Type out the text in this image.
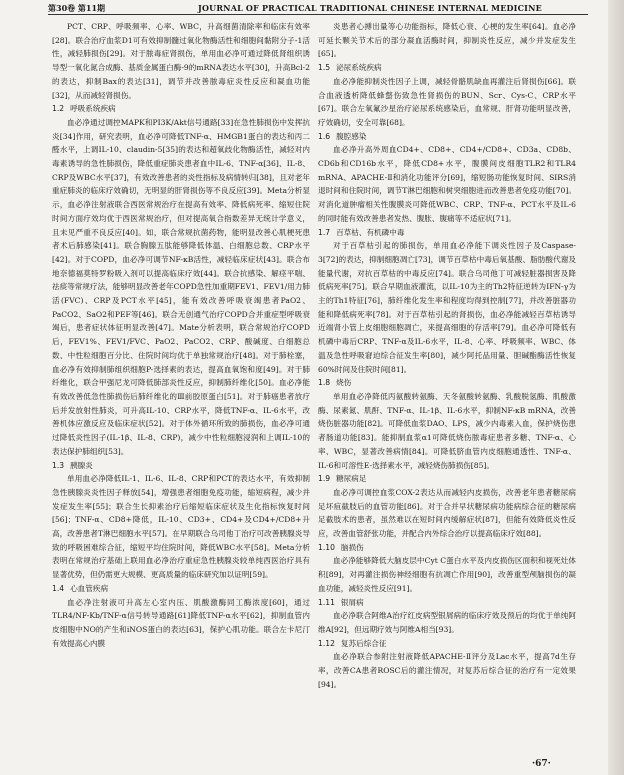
第30卷 第11期	JOURNAL OF PRACTICAL TRADITIONAL CHINESE INTERNAL MEDICINE

PCT、CRP、呼吸频率、心率、WBC，升高细菌清除率和临床有效率[28]。联合治疗血浆D1可有效抑制髓过氧化物酶活性和细胞间黏附分子-1活性，减轻肺损伤[29]。对于脓毒症肾损伤，单用血必净可通过降低肾组织诱导型一氧化氮合成酶、基质金属蛋白酶-9的mRNA表达水平[30]，升高Bcl-2的表达，抑制Bax的表达[31]，调节并改善脓毒症炎性反应和凝血功能[32]，从而减轻肾损伤。

1.2 呼吸系统疾病

血必净通过调控MAPK和PI3K/Akt信号通路[33]在急性肺损伤中发挥抗炎[34]作用，研究表明，血必净可降低TNF-α、HMGB1蛋白的表达和丙二醛水平，上调IL-10、claudin-5[35]的表达和超氧歧化物酶活性，减轻对内毒素诱导的急性肺损伤，降低重症肺炎患者血中IL-6、TNF-α[36]、IL-8、CRP及WBC水平[37]，有效改善患者的炎性指标及病情转归[38]，且对老年重症肺炎的临床疗效确切，无明显的肝肾损伤等不良反应[39]。Meta分析显示，血必净注射液联合西医常规治疗在提高有效率、降低病死率、缩短住院时间方面疗效均优于西医常规治疗，但对提高氧合指数差异无统计学意义，且未见严重不良反应[40]。如，联合常规抗菌药物，能明显改善心肌梗死患者术后肺感染[41]。联合胸腺五肽能够降低体温、白细胞总数、CRP水平[42]。对于COPD，血必净可调节NF-κB活性，减轻临床症状[43]。联合布地奈德福莫特罗粉吸入剂可以提高临床疗效[44]。联合抗感染、解痉平喘、祛痰等常规疗法，能够明显改善老年COPD急性加重期FEV1、FEV1/用力肺活(FVC)、CRP及PCT水平[45]，能有效改善呼吸衰竭患者PaO2、PaCO2、SaO2和PEF等[46]。联合无创通气治疗COPD合并重症型呼吸衰竭后，患者症状体征明显改善[47]。Mate分析表明，联合常规治疗COPD后，FEV1%、FEV1/FVC、PaO2、PaCO2、CRP、酸碱度、白细胞总数、中性粒细胞百分比、住院时间均优于单独常规治疗[48]。对于肺栓塞，血必净有效抑制肺组织细胞P-选择素的表达，提高血氧饱和度[49]。对于肺纤维化，联合甲强尼龙可降低肺部炎性反应，抑制肺纤维化[50]。血必净能有效改善低急性肺损伤后肺纤维化的Ⅲ前胶原蛋白[51]。对于肺癌患者放疗后并发放射性肺炎，可升高IL-10、CRP水平，降低TNF-α、IL-6水平，改善机体应激反应及临床症状[52]。对于体外循环所致的肺损伤，血必净可通过降低炎性因子(IL-1β、IL-8、CRP)，减少中性粒细胞浸润和上调IL-10的表达保护肺组织[53]。

1.3 胰腺炎

单用血必净降低IL-1、IL-6、IL-8、CRP和PCT的表达水平，有效抑制急性胰腺炎炎性因子释放[54]，增强患者细胞免疫功能，缩短病程，减少并发症发生率[55]；联合生长抑素治疗后缩短临床症状及生化指标恢复时间[56]；TNF-α、CD8+降低，IL-10、CD3+、CD4+及CD4+/CD8+升高，改善患者T淋巴细胞水平[57]。在早期联合乌司他丁治疗可改善胰腺炎导致的呼吸困难综合征，缩短平均住院时间，降低WBC水平[58]。Meta分析表明在常规治疗基础上联用血必净治疗重症急性胰腺炎较单纯西医治疗具有显著优势，但仍需更大规模、更高质量的临床研究加以证明[59]。

1.4 心血管疾病

血必净注射液可升高左心室内压、肌酸激酶同工酶浓度[60]，通过TLR4/NF-Kb/TNF-α信号转导通路[61]降低TNF-α水平[62]，抑制血管内皮细胞中NO的产生和iNOS蛋白的表达[63]，保护心肌功能。联合左卡尼汀有效提高心内膜

炎患者心搏出量等心功能指标，降低心衰、心梗的发生率[64]。血必净可延长颗关节术后的部分凝血活酶时间，抑制炎性反应，减少并发症发生[65]。

1.5 泌尿系统疾病

血必净能抑制炎性因子上调，减轻骨骼肌缺血再灌注后肾损伤[66]。联合血液透析降低蜂螫伤致急性肾损伤的BUN、Scr、Cys-C、CRP水平[67]。联合左氧氟沙星治疗泌尿系统感染后，血常规、肝肾功能明显改善，疗效确切，安全可靠[68]。

1.6 腹腔感染

血必净升高外周血CD4+、CD8+、CD4+/CD8+、CD3a、CD8b、CD6b和CD16b水平，降低CD8+水平，腹膜间皮细胞TLR2和TLR4 mRNA、APACHE-Ⅱ和消化功能评分[69]，缩短肠功能恢复时间、SIRS消退时间和住院时间，调节T淋巴细胞和树突细胞进而改善患者免疫功能[70]。对消化道肿瘤相关性腹膜炎可降低WBC、CRP、TNF-α、PCT水平及IL-6的同时能有效改善患者发热、腹胀、腹痛等不适症状[71]。

1.7 百草枯、有机磷中毒

对于百草枯引起的肺损伤，单用血必净能下调炎性因子及Caspase-3[72]的表达，抑制细胞凋亡[73]，调节百草枯中毒后氧基酸、脂肪酸代谢及能量代谢，对抗百草枯的中毒反应[74]。联合乌司他丁可减轻脏器损害及降低病死率[75]。联合早期血液灌流，以IL-10为主的Th2特征逆转为IFN-γ为主的Th1特征[76]，肺纤维化发生率和程度均得到控制[77]，并改善脏器功能和降低病死率[78]。对于百草枯引起的肾损伤，血必净能减轻百草枯诱导近端肾小管上皮细胞细胞凋亡，来提高细胞的存活率[79]。血必净可降低有机磷中毒后CRP、TNF-α及IL-6水平，IL-8、心率、呼吸频率、WBC、体温及急性呼吸窘迫综合征发生率[80]，减少阿托品用量、胆碱酯酶活性恢复60%时间及住院时间[81]。

1.8 烧伤

单用血必净降低丙氨酸转氨酶、天冬氨酸转氨酶、乳酸脱氢酶、肌酸激酶、尿素氮、肌酐、TNF-α、IL-1β、IL-6水平，抑制NF-κB mRNA，改善烧伤脏器功能[82]。可降低血浆DAO、LPS，减少内毒素入血，保护烧伤患者肠道功能[83]。能抑制血浆α1可降低烧伤脓毒症患者多糖、TNF-α、心率、WBC，显著改善病情[84]。可降低脐血管内皮细胞通透性、TNF-α、IL-6和可溶性E-选择素水平，减轻烧伤肺损伤[85]。

1.9 糖尿病足

血必净可调控血浆COX-2表达从而减轻内皮损伤，改善老年患者糖尿病足坏疽截肢后的血管功能[86]。对于合并早状糖尿病功能病综合征的糖尿病足截肢术的患者，虽然难以在短时间内缓解症状[87]，但能有效降低炎性反应，改善血管舒张功能，并配合内外综合治疗以提高临床疗效[88]。

1.10 脑损伤

血必净能够降低大脑皮层中Cyt C蛋白水平及内皮损伤区面积和视死灶体积[89]，对再灌注损伤神经细胞有抗凋亡作用[90]，改善重型颅脑损伤的凝血功能，减轻炎性反应[91]。

1.11 银屑病

血必净联合阿维A治疗红皮病型银屑病的临床疗效及预后的均优于单纯阿维A[92]，但远期疗效与阿维A相当[93]。

1.12 复苏后综合征

血必净联合参附注射液降低APACHE-Ⅱ评分及Lac水平，提高7d生存率，改善CA患者ROSC后的灌注情况，对复苏后综合征的治疗有一定效果[94]。

·67·
